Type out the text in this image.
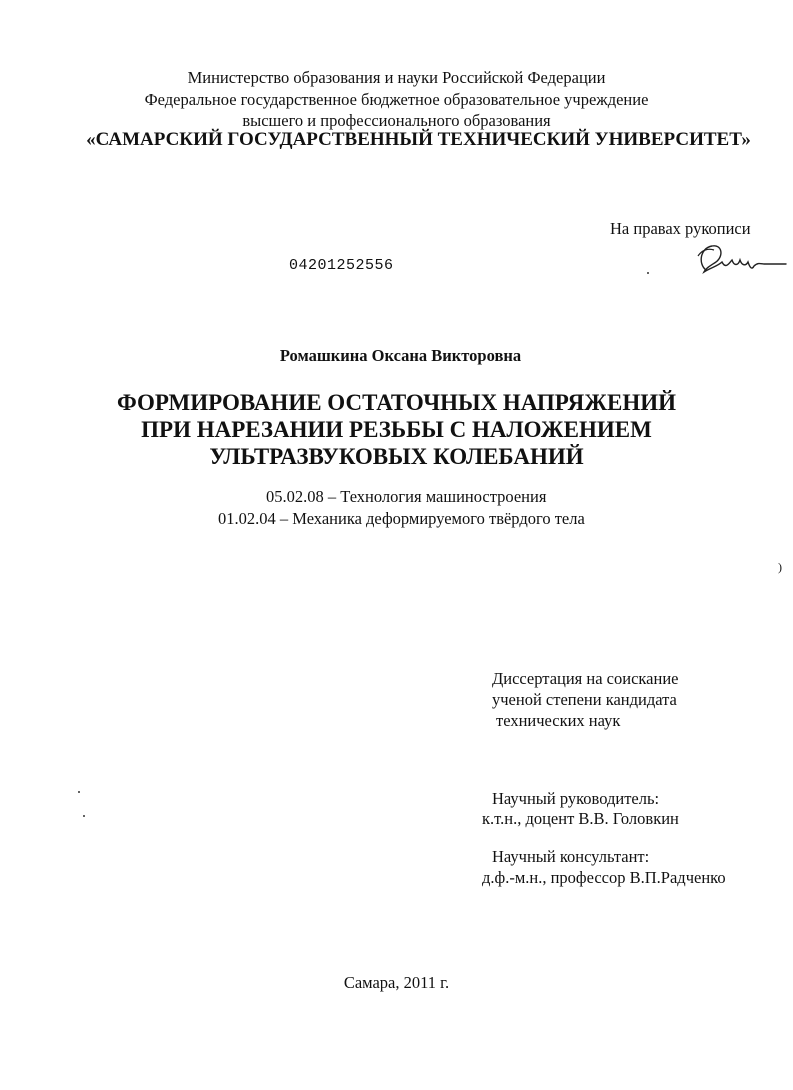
Министерство образования и науки Российской Федерации
Федеральное государственное бюджетное образовательное учреждение
высшего и профессионального образования
«САМАРСКИЙ ГОСУДАРСТВЕННЫЙ ТЕХНИЧЕСКИЙ УНИВЕРСИТЕТ»
На правах рукописи
04201252556
Ромашкина Оксана Викторовна
ФОРМИРОВАНИЕ ОСТАТОЧНЫХ НАПРЯЖЕНИЙ
ПРИ НАРЕЗАНИИ РЕЗЬБЫ С НАЛОЖЕНИЕМ
УЛЬТРАЗВУКОВЫХ КОЛЕБАНИЙ
05.02.08 – Технология машиностроения
01.02.04 – Механика деформируемого твёрдого тела
)
Диссертация на соискание
ученой степени кандидата
технических наук
Научный руководитель:
к.т.н., доцент В.В. Головкин
Научный консультант:
д.ф.-м.н., профессор В.П.Радченко
Самара, 2011 г.
